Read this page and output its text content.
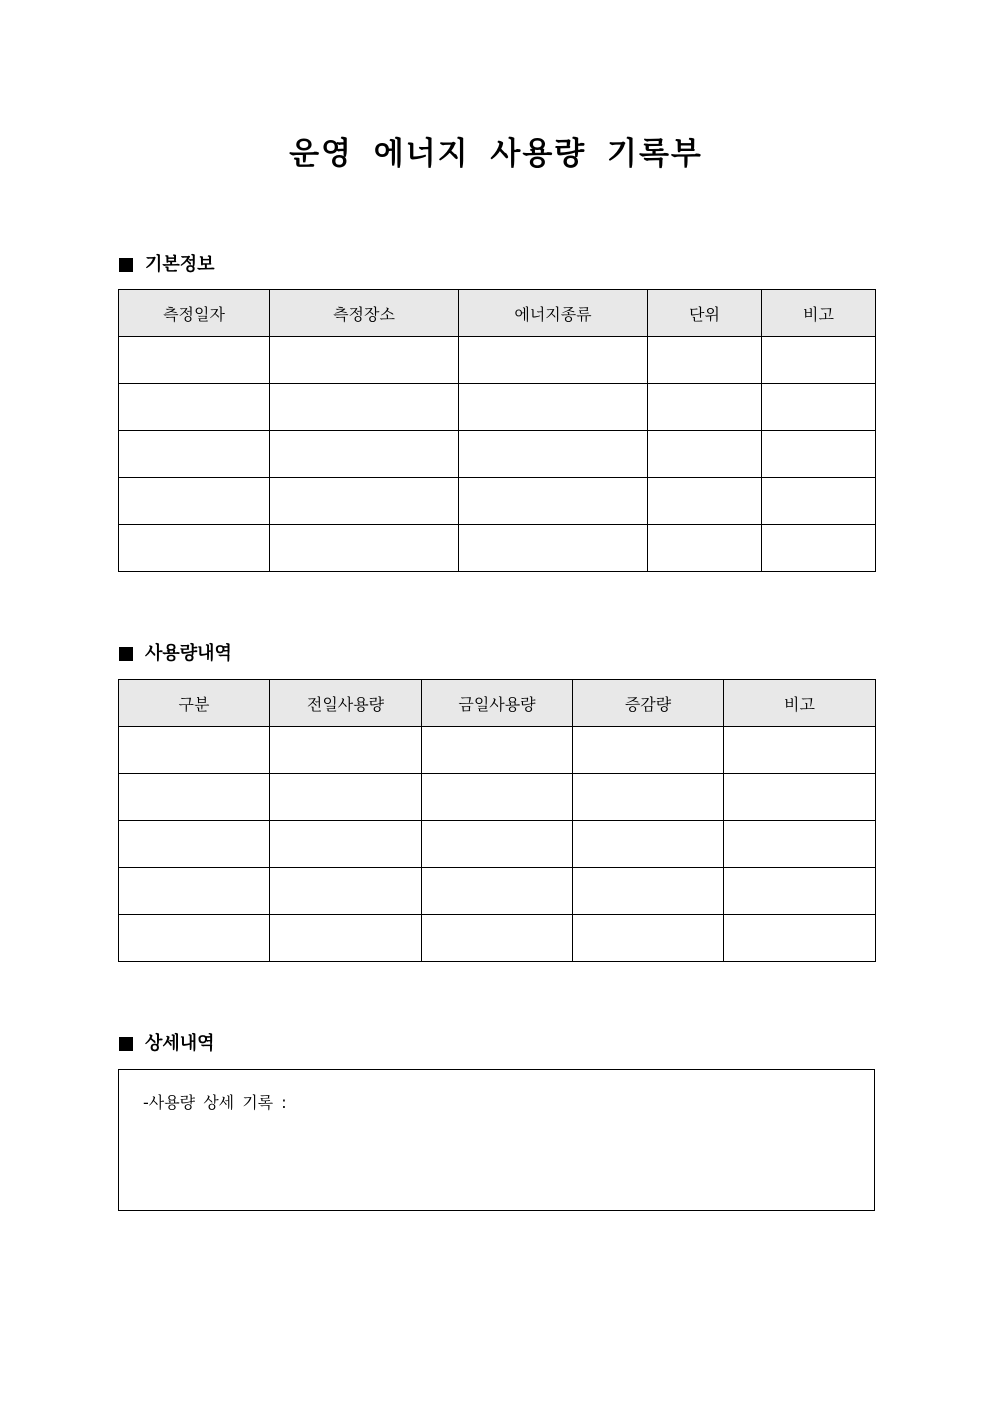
운영 에너지 사용량 기록부
기본정보
측정일자	측정장소	에너지종류	단위	비고

사용량내역
구분	전일사용량	금일사용량	증감량	비고

상세내역
-사용량 상세 기록 :
